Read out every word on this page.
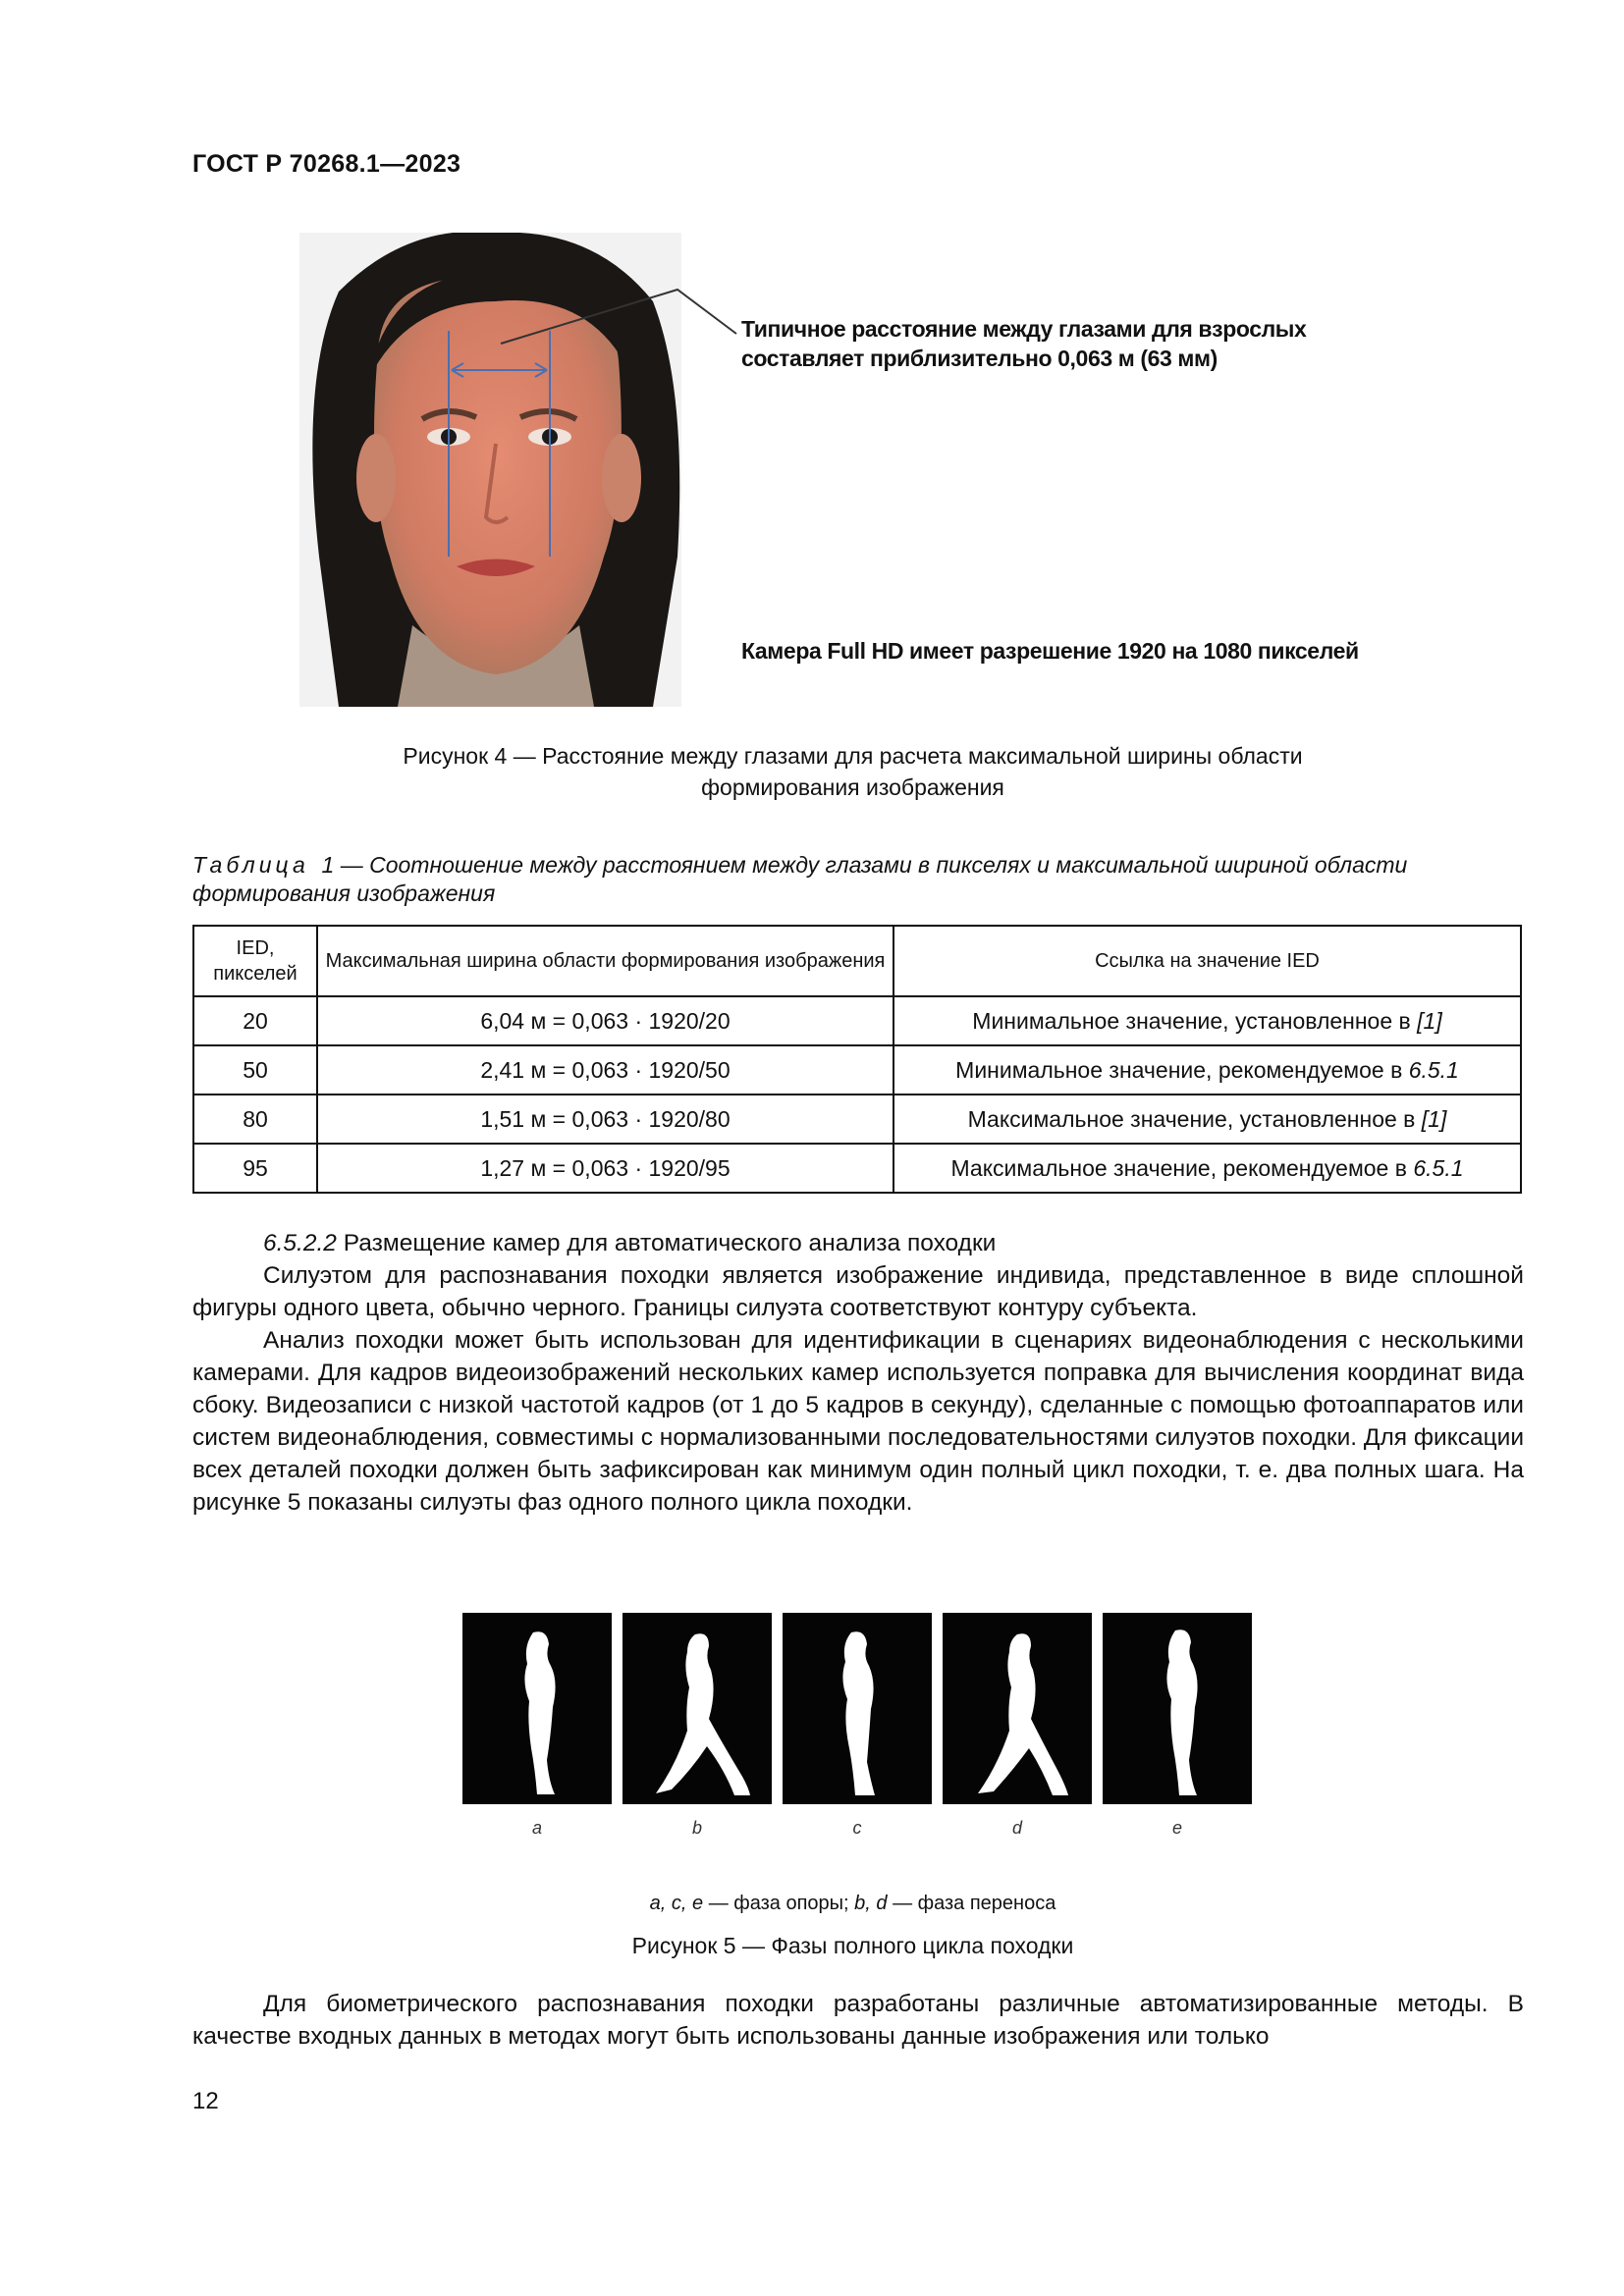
ГОСТ Р 70268.1—2023
Типичное расстояние между глазами для взрослых составляет приблизительно 0,063 м (63 мм)
Камера Full HD имеет разрешение 1920 на 1080 пикселей
Рисунок 4 — Расстояние между глазами для расчета максимальной ширины области
формирования изображения
Таблица 1 — Соотношение между расстоянием между глазами в пикселях и максимальной шириной области формирования изображения
IED, пикселей	Максимальная ширина области формирования изображения	Ссылка на значение IED
20	6,04 м = 0,063 · 1920/20	Минимальное значение, установленное в [1]
50	2,41 м = 0,063 · 1920/50	Минимальное значение, рекомендуемое в 6.5.1
80	1,51 м = 0,063 · 1920/80	Максимальное значение, установленное в [1]
95	1,27 м = 0,063 · 1920/95	Максимальное значение, рекомендуемое в 6.5.1

6.5.2.2 Размещение камер для автоматического анализа походки

Силуэтом для распознавания походки является изображение индивида, представленное в виде сплошной фигуры одного цвета, обычно черного. Границы силуэта соответствуют контуру субъекта.

Анализ походки может быть использован для идентификации в сценариях видеонаблюдения с несколькими камерами. Для кадров видеоизображений нескольких камер используется поправка для вычисления координат вида сбоку. Видеозаписи с низкой частотой кадров (от 1 до 5 кадров в секунду), сделанные с помощью фотоаппаратов или систем видеонаблюдения, совместимы с нормализованными последовательностями силуэтов походки. Для фиксации всех деталей походки должен быть зафиксирован как минимум один полный цикл походки, т. е. два полных шага. На рисунке 5 показаны силуэты фаз одного полного цикла походки.

a	b	c	d	e
a, c, e — фаза опоры; b, d — фаза переноса
Рисунок 5 — Фазы полного цикла походки

Для биометрического распознавания походки разработаны различные автоматизированные методы. В качестве входных данных в методах могут быть использованы данные изображения или только

12
